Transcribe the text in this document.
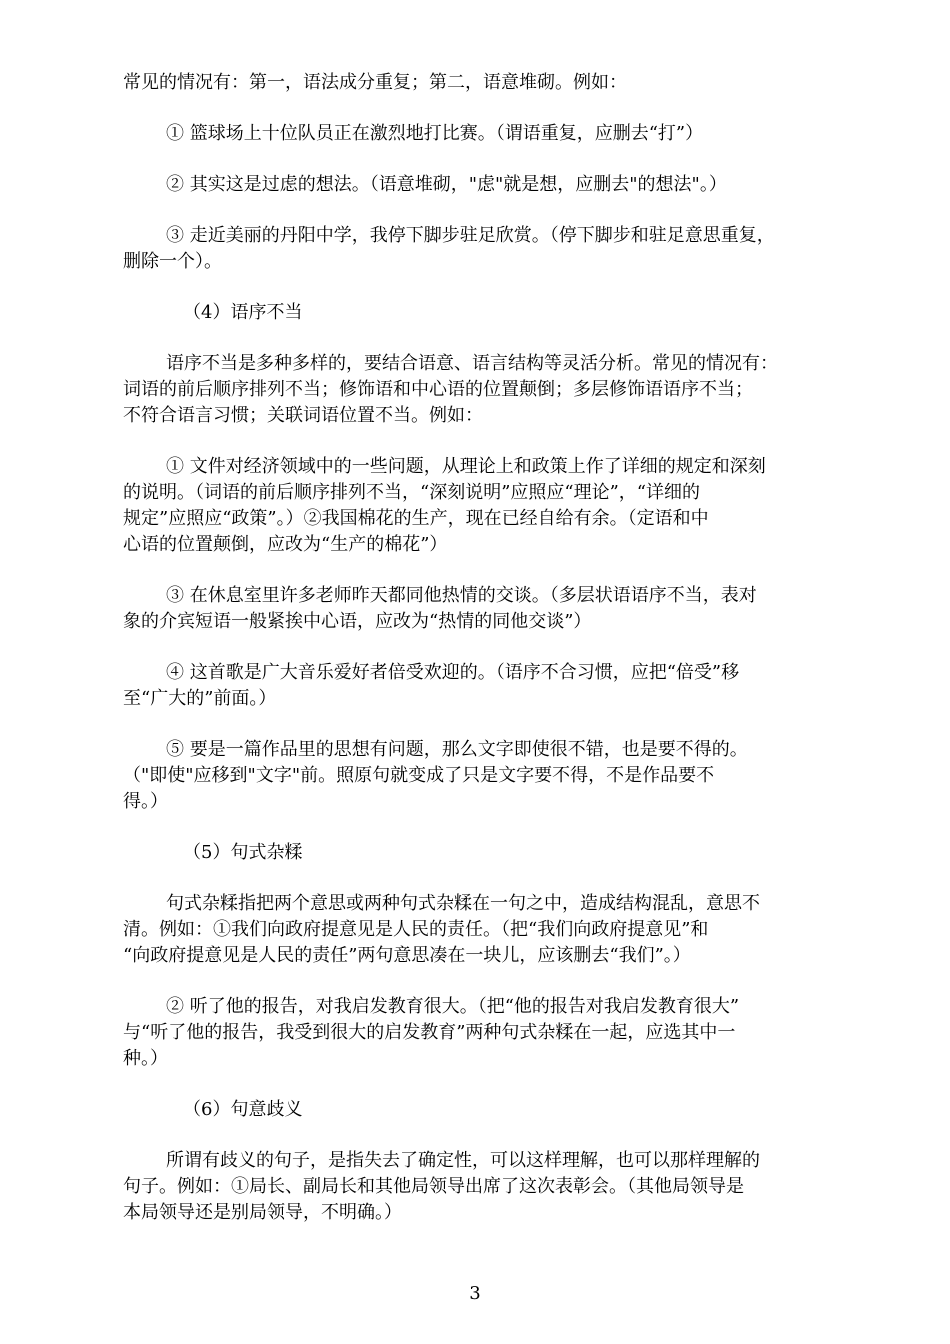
常见的情况有：第一，语法成分重复；第二，语意堆砌。例如：
① 篮球场上十位队员正在激烈地打比赛。（谓语重复，应删去“打”）
② 其实这是过虑的想法。（语意堆砌，"虑"就是想，应删去"的想法"。）
③ 走近美丽的丹阳中学，我停下脚步驻足欣赏。（停下脚步和驻足意思重复，
删除一个）。
（4）语序不当
语序不当是多种多样的，要结合语意、语言结构等灵活分析。常见的情况有：
词语的前后顺序排列不当；修饰语和中心语的位置颠倒；多层修饰语语序不当；
不符合语言习惯；关联词语位置不当。例如：
① 文件对经济领域中的一些问题，从理论上和政策上作了详细的规定和深刻
的说明。（词语的前后顺序排列不当，“深刻说明”应照应“理论”，“详细的
规定”应照应“政策”。）②我国棉花的生产，现在已经自给有余。（定语和中
心语的位置颠倒，应改为“生产的棉花”）
③ 在休息室里许多老师昨天都同他热情的交谈。（多层状语语序不当，表对
象的介宾短语一般紧挨中心语，应改为“热情的同他交谈”）
④ 这首歌是广大音乐爱好者倍受欢迎的。（语序不合习惯，应把“倍受”移
至“广大的”前面。）
⑤ 要是一篇作品里的思想有问题，那么文字即使很不错，也是要不得的。
（"即使"应移到"文字"前。照原句就变成了只是文字要不得，不是作品要不
得。）
（5）句式杂糅
句式杂糅指把两个意思或两种句式杂糅在一句之中，造成结构混乱，意思不
清。例如：①我们向政府提意见是人民的责任。（把“我们向政府提意见”和
“向政府提意见是人民的责任”两句意思凑在一块儿，应该删去“我们”。）
② 听了他的报告，对我启发教育很大。（把“他的报告对我启发教育很大”
与“听了他的报告，我受到很大的启发教育”两种句式杂糅在一起，应选其中一
种。）
（6）句意歧义
所谓有歧义的句子，是指失去了确定性，可以这样理解，也可以那样理解的
句子。例如：①局长、副局长和其他局领导出席了这次表彰会。（其他局领导是
本局领导还是别局领导，不明确。）
3
